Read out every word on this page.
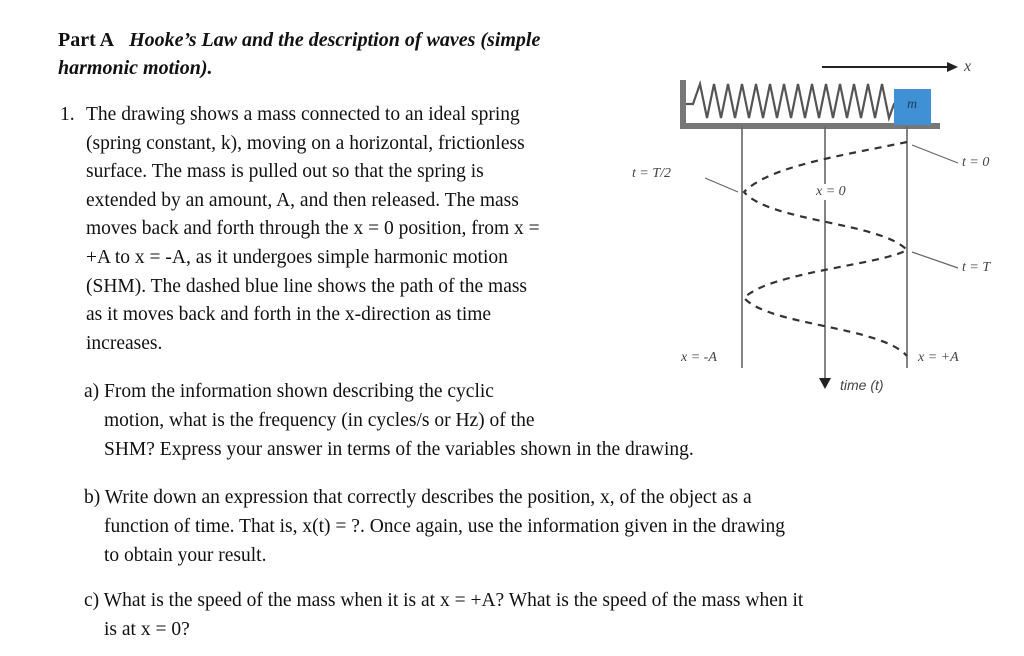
m
x
t = 0
t = T/2
t = T
x = 0
x = -A	x = +A
time (t)
Part A Hooke’s Law and the description of waves (simple
harmonic motion).
1. The drawing shows a mass connected to an ideal spring
(spring constant, k), moving on a horizontal, frictionless
surface. The mass is pulled out so that the spring is
extended by an amount, A, and then released. The mass
moves back and forth through the x = 0 position, from x =
+A to x = -A, as it undergoes simple harmonic motion
(SHM). The dashed blue line shows the path of the mass
as it moves back and forth in the x-direction as time
increases.
a) From the information shown describing the cyclic
motion, what is the frequency (in cycles/s or Hz) of the
SHM? Express your answer in terms of the variables shown in the drawing.
b) Write down an expression that correctly describes the position, x, of the object as a
function of time. That is, x(t) = ?. Once again, use the information given in the drawing
to obtain your result.
c) What is the speed of the mass when it is at x = +A? What is the speed of the mass when it
is at x = 0?
